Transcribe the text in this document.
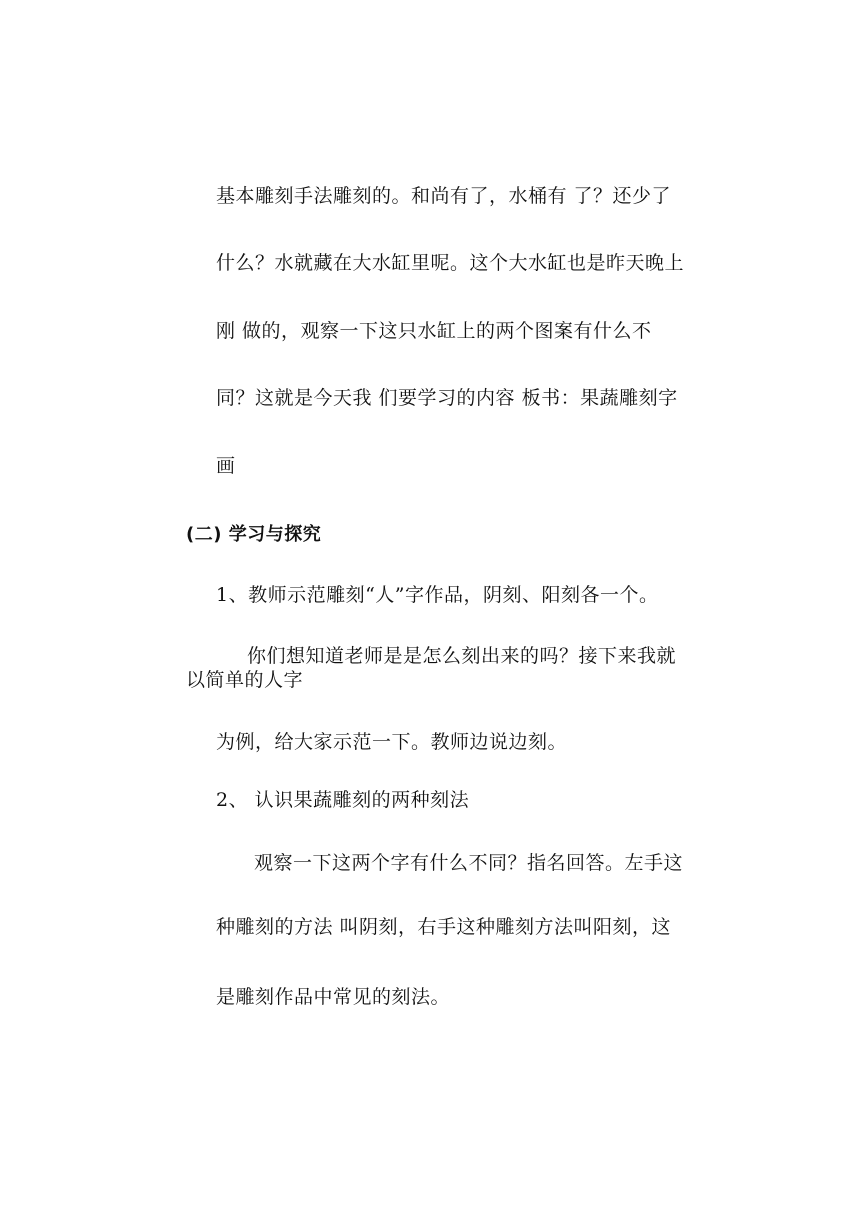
基本雕刻手法雕刻的。和尚有了，水桶有 了？还少了
什么？水就藏在大水缸里呢。这个大水缸也是昨天晚上
刚 做的，观察一下这只水缸上的两个图案有什么不
同？这就是今天我 们要学习的内容 板书：果蔬雕刻字
画
(二) 学习与探究
1、教师示范雕刻“人”字作品，阴刻、阳刻各一个。
你们想知道老师是是怎么刻出来的吗？接下来我就
以简单的人字
为例，给大家示范一下。教师边说边刻。
2、 认识果蔬雕刻的两种刻法
观察一下这两个字有什么不同？指名回答。左手这
种雕刻的方法 叫阴刻，右手这种雕刻方法叫阳刻，这
是雕刻作品中常见的刻法。
